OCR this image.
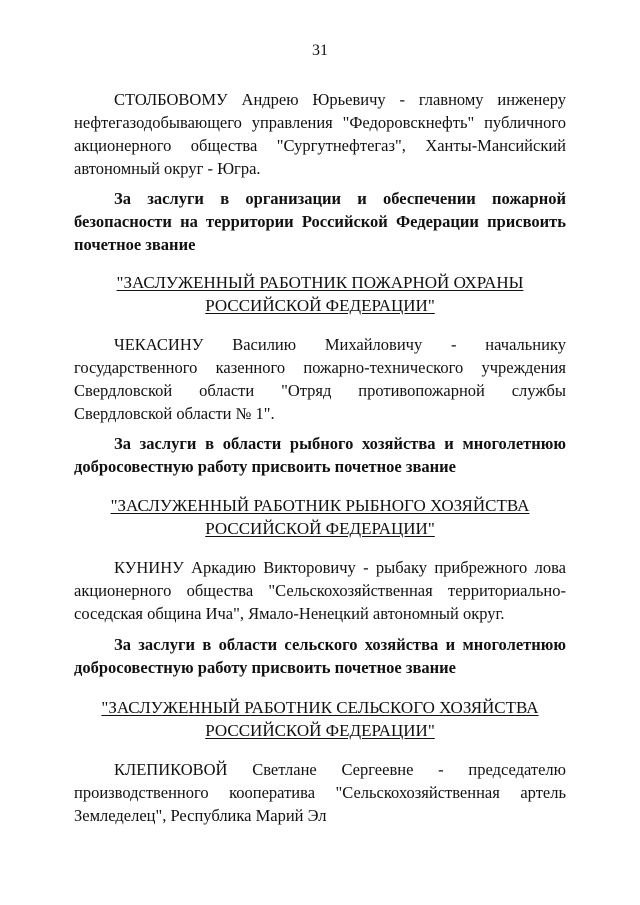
31
СТОЛБОВОМУ Андрею Юрьевичу - главному инженеру
нефтегазодобывающего управления "Федоровскнефть" публичного
акционерного общества "Сургутнефтегаз", Ханты-Мансийский
автономный округ - Югра.
За заслуги в организации и обеспечении пожарной
безопасности на территории Российской Федерации присвоить
почетное звание
"ЗАСЛУЖЕННЫЙ РАБОТНИК ПОЖАРНОЙ ОХРАНЫ
РОССИЙСКОЙ ФЕДЕРАЦИИ"
ЧЕКАСИНУ Василию Михайловичу - начальнику
государственного казенного пожарно-технического учреждения
Свердловской области "Отряд противопожарной службы
Свердловской области № 1".
За заслуги в области рыбного хозяйства и многолетнюю
добросовестную работу присвоить почетное звание
"ЗАСЛУЖЕННЫЙ РАБОТНИК РЫБНОГО ХОЗЯЙСТВА
РОССИЙСКОЙ ФЕДЕРАЦИИ"
КУНИНУ Аркадию Викторовичу - рыбаку прибрежного лова
акционерного общества "Сельскохозяйственная территориально-
соседская община Ича", Ямало-Ненецкий автономный округ.
За заслуги в области сельского хозяйства и многолетнюю
добросовестную работу присвоить почетное звание
"ЗАСЛУЖЕННЫЙ РАБОТНИК СЕЛЬСКОГО ХОЗЯЙСТВА
РОССИЙСКОЙ ФЕДЕРАЦИИ"
КЛЕПИКОВОЙ Светлане Сергеевне - председателю
производственного кооператива "Сельскохозяйственная артель
Земледелец", Республика Марий Эл
